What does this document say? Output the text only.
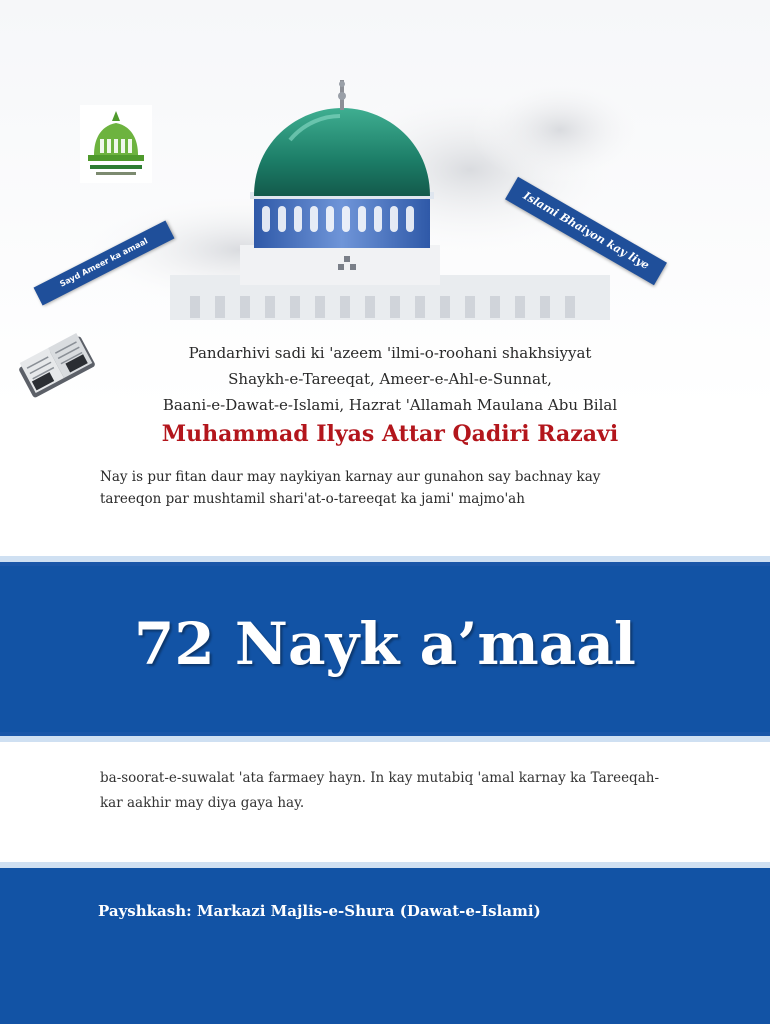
Sayd Ameer ka amaal	Islami Bhaiyon kay liye
Pandarhivi sadi ki 'azeem 'ilmi-o-roohani shakhsiyyat
Shaykh-e-Tareeqat, Ameer-e-Ahl-e-Sunnat,
Baani-e-Dawat-e-Islami, Hazrat 'Allamah Maulana Abu Bilal
Muhammad Ilyas Attar Qadiri Razavi
Nay is pur fitan daur may naykiyan karnay aur gunahon say bachnay kay tareeqon par mushtamil shari'at-o-tareeqat ka jami' majmo'ah
72 Nayk a’maal
ba-soorat-e-suwalat 'ata farmaey hayn. In kay mutabiq 'amal karnay ka Tareeqah-kar aakhir may diya gaya hay.
Payshkash: Markazi Majlis-e-Shura (Dawat-e-Islami)
